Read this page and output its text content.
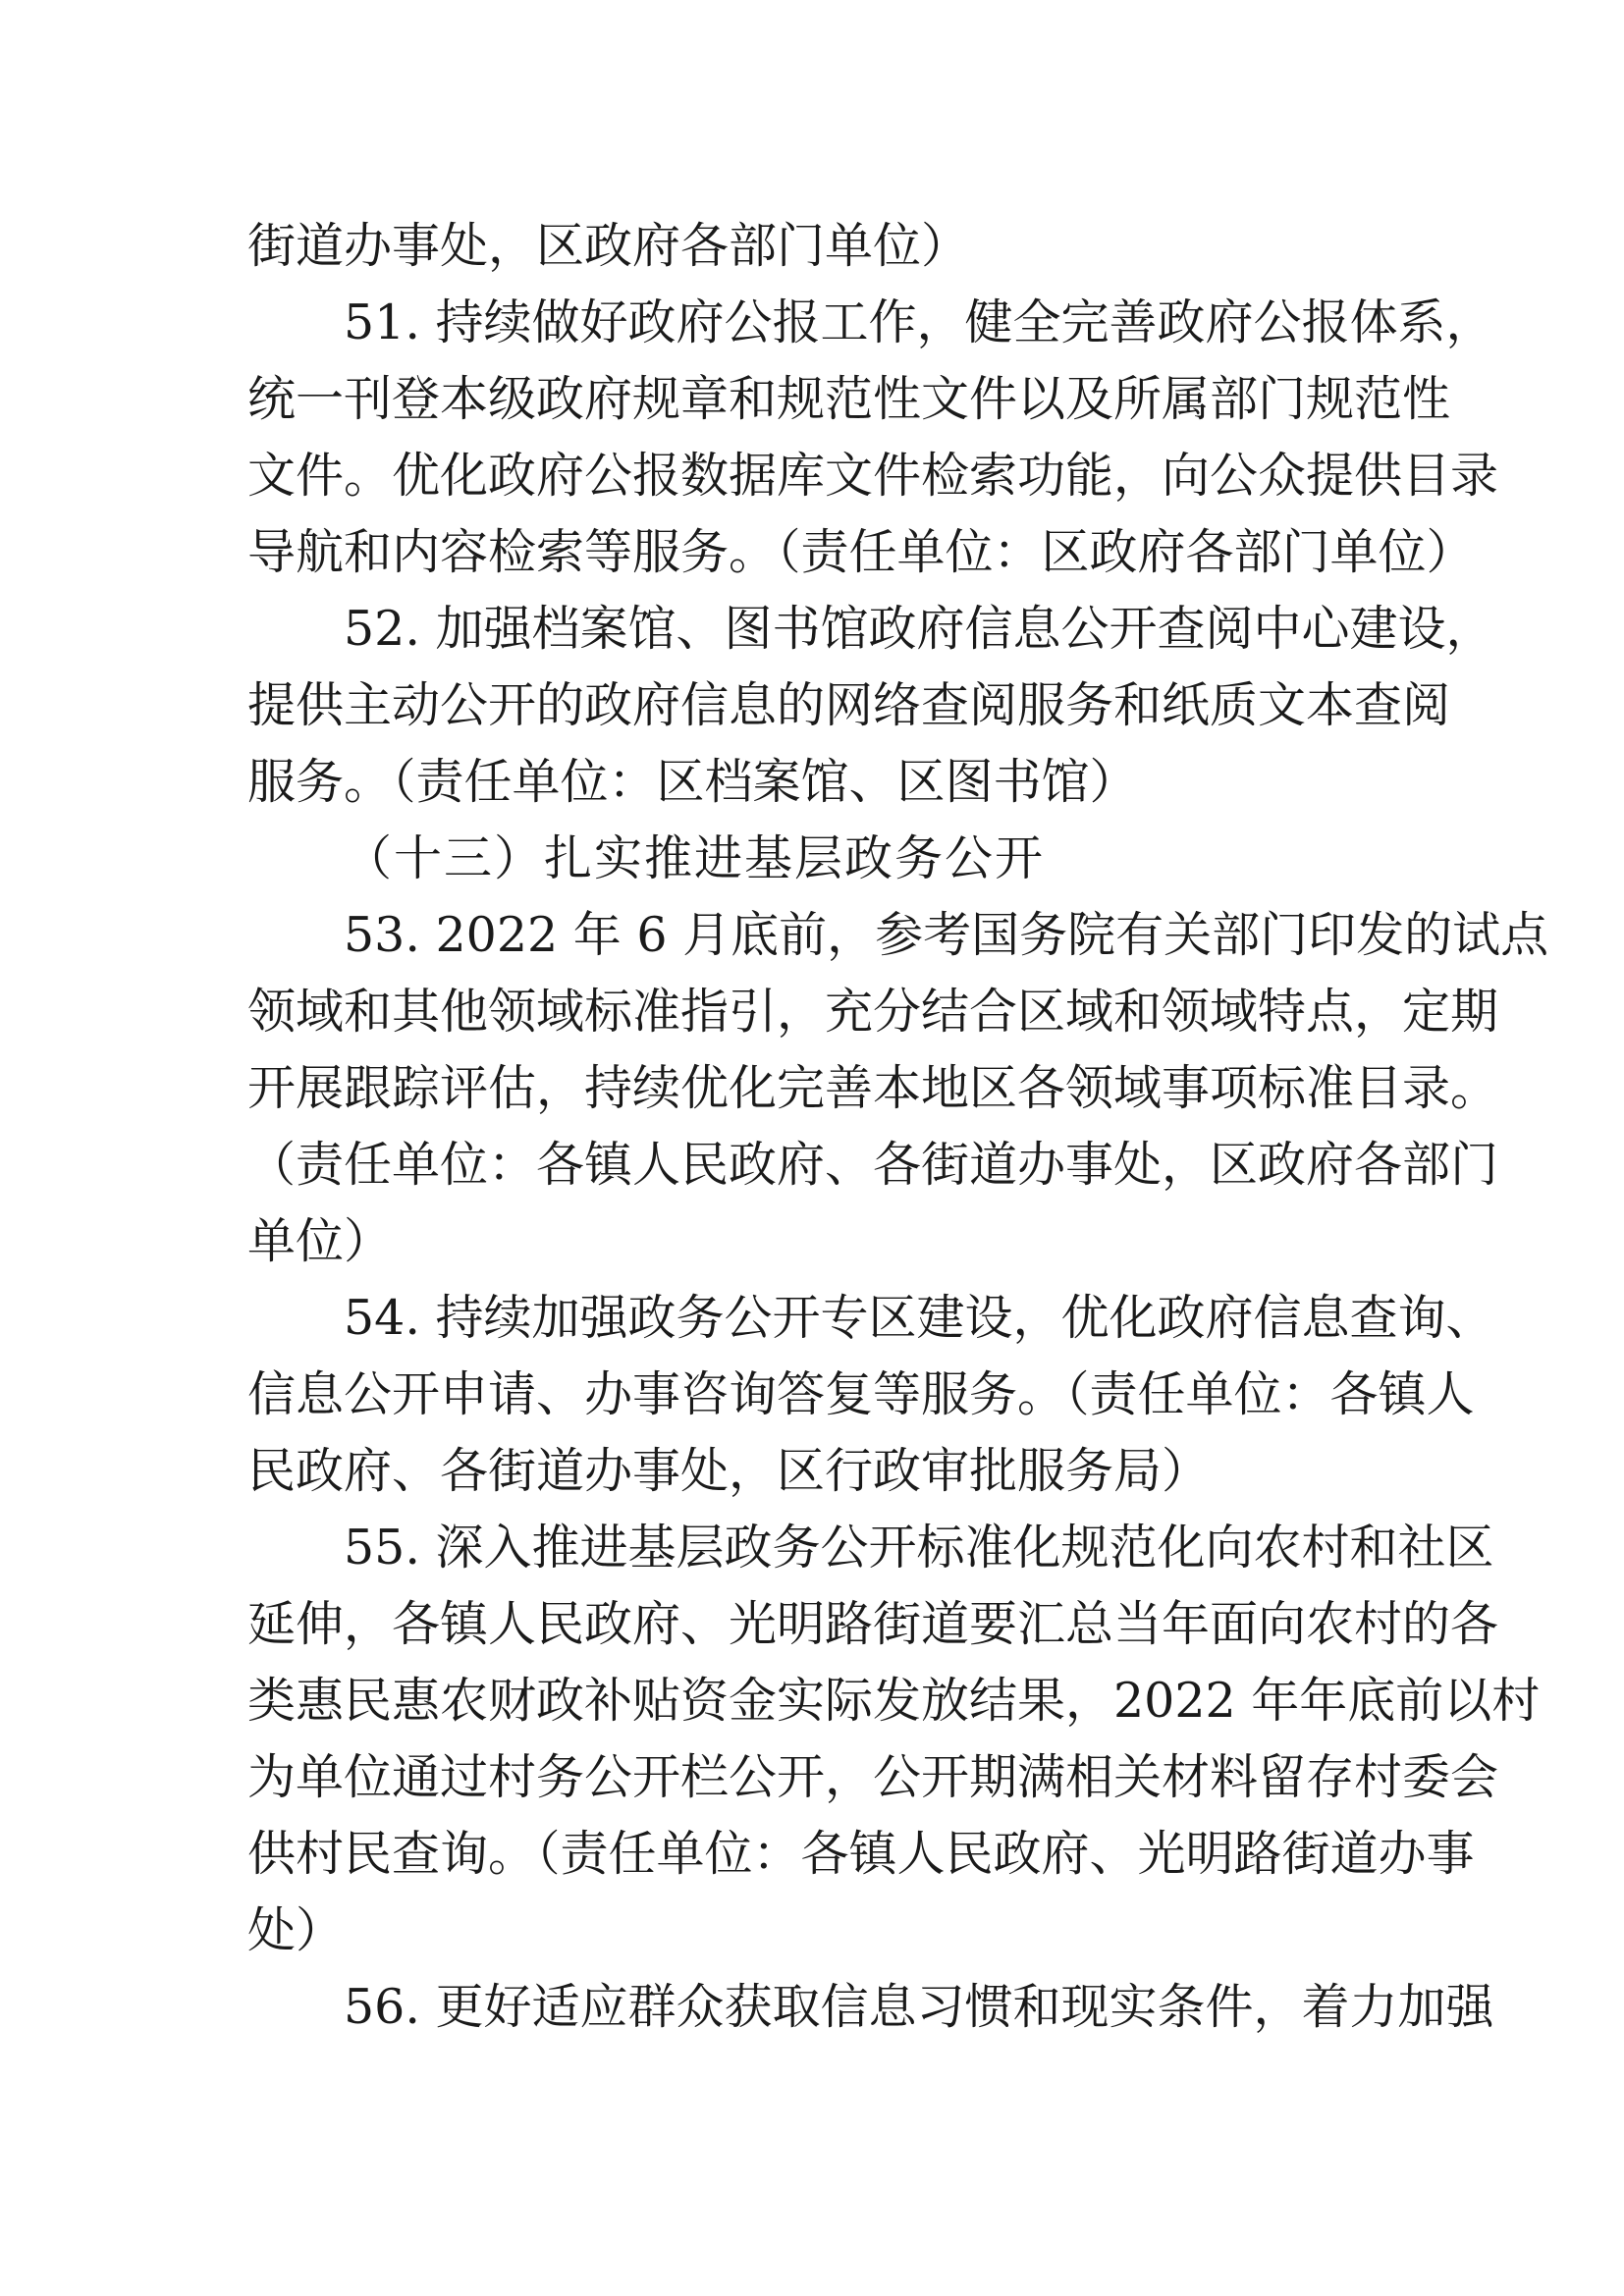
街道办事处，区政府各部门单位）
51. 持续做好政府公报工作，健全完善政府公报体系，
统一刊登本级政府规章和规范性文件以及所属部门规范性
文件。优化政府公报数据库文件检索功能，向公众提供目录
导航和内容检索等服务。（责任单位：区政府各部门单位）
52. 加强档案馆、图书馆政府信息公开查阅中心建设，
提供主动公开的政府信息的网络查阅服务和纸质文本查阅
服务。（责任单位：区档案馆、区图书馆）
（十三）扎实推进基层政务公开
53. 2022 年 6 月底前，参考国务院有关部门印发的试点
领域和其他领域标准指引，充分结合区域和领域特点，定期
开展跟踪评估，持续优化完善本地区各领域事项标准目录。
（责任单位：各镇人民政府、各街道办事处，区政府各部门
单位）
54. 持续加强政务公开专区建设，优化政府信息查询、
信息公开申请、办事咨询答复等服务。（责任单位：各镇人
民政府、各街道办事处，区行政审批服务局）
55. 深入推进基层政务公开标准化规范化向农村和社区
延伸，各镇人民政府、光明路街道要汇总当年面向农村的各
类惠民惠农财政补贴资金实际发放结果，2022 年年底前以村
为单位通过村务公开栏公开，公开期满相关材料留存村委会
供村民查询。（责任单位：各镇人民政府、光明路街道办事
处）
56. 更好适应群众获取信息习惯和现实条件，着力加强
